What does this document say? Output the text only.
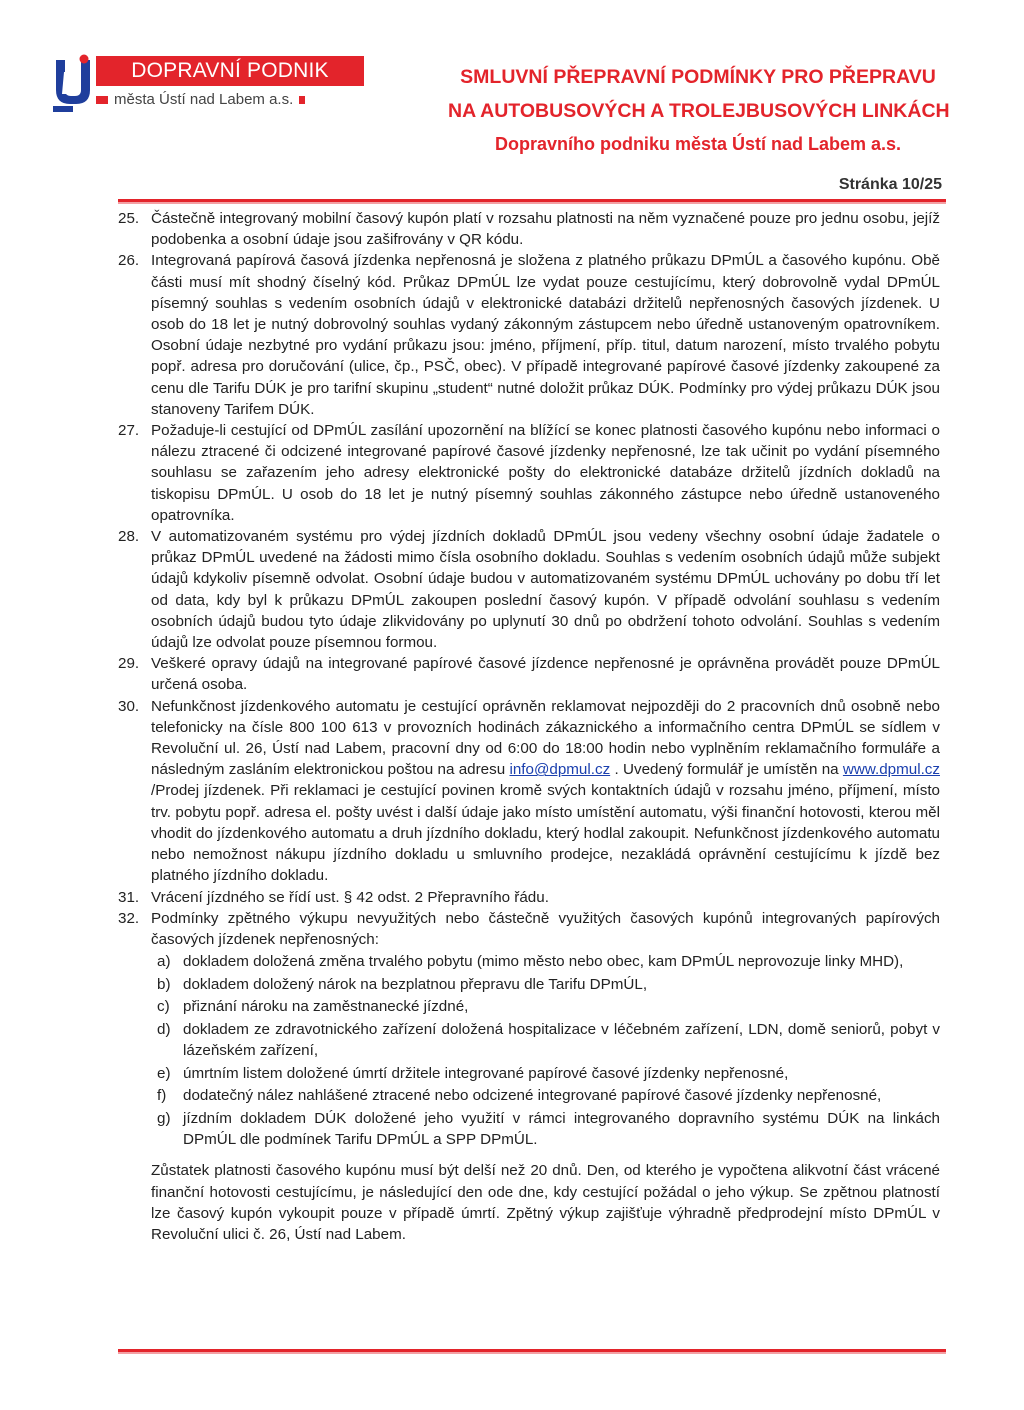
DOPRAVNÍ PODNIK
města Ústí nad Labem a.s.
SMLUVNÍ PŘEPRAVNÍ PODMÍNKY PRO PŘEPRAVU
NA AUTOBUSOVÝCH A TROLEJBUSOVÝCH LINKÁCH
Dopravního podniku města Ústí nad Labem a.s.
Stránka 10/25
25. Částečně integrovaný mobilní časový kupón platí v rozsahu platnosti na něm vyznačené pouze pro jednu osobu, jejíž podobenka a osobní údaje jsou zašifrovány v QR kódu.
26. Integrovaná papírová časová jízdenka nepřenosná je složena z platného průkazu DPmÚL a časového kupónu. Obě části musí mít shodný číselný kód. Průkaz DPmÚL lze vydat pouze cestujícímu, který dobrovolně vydal DPmÚL písemný souhlas s vedením osobních údajů v elektronické databázi držitelů nepřenosných časových jízdenek. U osob do 18 let je nutný dobrovolný souhlas vydaný zákonným zástupcem nebo úředně ustanoveným opatrovníkem. Osobní údaje nezbytné pro vydání průkazu jsou: jméno, příjmení, příp. titul, datum narození, místo trvalého pobytu popř. adresa pro doručování (ulice, čp., PSČ, obec). V případě integrované papírové časové jízdenky zakoupené za cenu dle Tarifu DÚK je pro tarifní skupinu „student“ nutné doložit průkaz DÚK. Podmínky pro výdej průkazu DÚK jsou stanoveny Tarifem DÚK.
27. Požaduje-li cestující od DPmÚL zasílání upozornění na blížící se konec platnosti časového kupónu nebo informaci o nálezu ztracené či odcizené integrované papírové časové jízdenky nepřenosné, lze tak učinit po vydání písemného souhlasu se zařazením jeho adresy elektronické pošty do elektronické databáze držitelů jízdních dokladů na tiskopisu DPmÚL. U osob do 18 let je nutný písemný souhlas zákonného zástupce nebo úředně ustanoveného opatrovníka.
28. V automatizovaném systému pro výdej jízdních dokladů DPmÚL jsou vedeny všechny osobní údaje žadatele o průkaz DPmÚL uvedené na žádosti mimo čísla osobního dokladu. Souhlas s vedením osobních údajů může subjekt údajů kdykoliv písemně odvolat. Osobní údaje budou v automatizovaném systému DPmÚL uchovány po dobu tří let od data, kdy byl k průkazu DPmÚL zakoupen poslední časový kupón. V případě odvolání souhlasu s vedením osobních údajů budou tyto údaje zlikvidovány po uplynutí 30 dnů po obdržení tohoto odvolání. Souhlas s vedením údajů lze odvolat pouze písemnou formou.
29. Veškeré opravy údajů na integrované papírové časové jízdence nepřenosné je oprávněna provádět pouze DPmÚL určená osoba.
30. Nefunkčnost jízdenkového automatu je cestující oprávněn reklamovat nejpozději do 2 pracovních dnů osobně nebo telefonicky na čísle 800 100 613 v provozních hodinách zákaznického a informačního centra DPmÚL se sídlem v Revoluční ul. 26, Ústí nad Labem, pracovní dny od 6:00 do 18:00 hodin nebo vyplněním reklamačního formuláře a následným zasláním elektronickou poštou na adresu info@dpmul.cz . Uvedený formulář je umístěn na www.dpmul.cz /Prodej jízdenek. Při reklamaci je cestující povinen kromě svých kontaktních údajů v rozsahu jméno, příjmení, místo trv. pobytu popř. adresa el. pošty uvést i další údaje jako místo umístění automatu, výši finanční hotovosti, kterou měl vhodit do jízdenkového automatu a druh jízdního dokladu, který hodlal zakoupit. Nefunkčnost jízdenkového automatu nebo nemožnost nákupu jízdního dokladu u smluvního prodejce, nezakládá oprávnění cestujícímu k jízdě bez platného jízdního dokladu.
31. Vrácení jízdného se řídí ust. § 42 odst. 2 Přepravního řádu.
32. Podmínky zpětného výkupu nevyužitých nebo částečně využitých časových kupónů integrovaných papírových časových jízdenek nepřenosných:
a) dokladem doložená změna trvalého pobytu (mimo město nebo obec, kam DPmÚL neprovozuje linky MHD),
b) dokladem doložený nárok na bezplatnou přepravu dle Tarifu DPmÚL,
c) přiznání nároku na zaměstnanecké jízdné,
d) dokladem ze zdravotnického zařízení doložená hospitalizace v léčebném zařízení, LDN, domě seniorů, pobyt v lázeňském zařízení,
e) úmrtním listem doložené úmrtí držitele integrované papírové časové jízdenky nepřenosné,
f)	dodatečný nález nahlášené ztracené nebo odcizené integrované papírové časové jízdenky nepřenosné,
g) jízdním dokladem DÚK doložené jeho využití v rámci integrovaného dopravního systému DÚK na linkách DPmÚL dle podmínek Tarifu DPmÚL a SPP DPmÚL.
Zůstatek platnosti časového kupónu musí být delší než 20 dnů. Den, od kterého je vypočtena alikvotní část vrácené finanční hotovosti cestujícímu, je následující den ode dne, kdy cestující požádal o jeho výkup. Se zpětnou platností lze časový kupón vykoupit pouze v případě úmrtí. Zpětný výkup zajišťuje výhradně předprodejní místo DPmÚL v Revoluční ulici č. 26, Ústí nad Labem.
